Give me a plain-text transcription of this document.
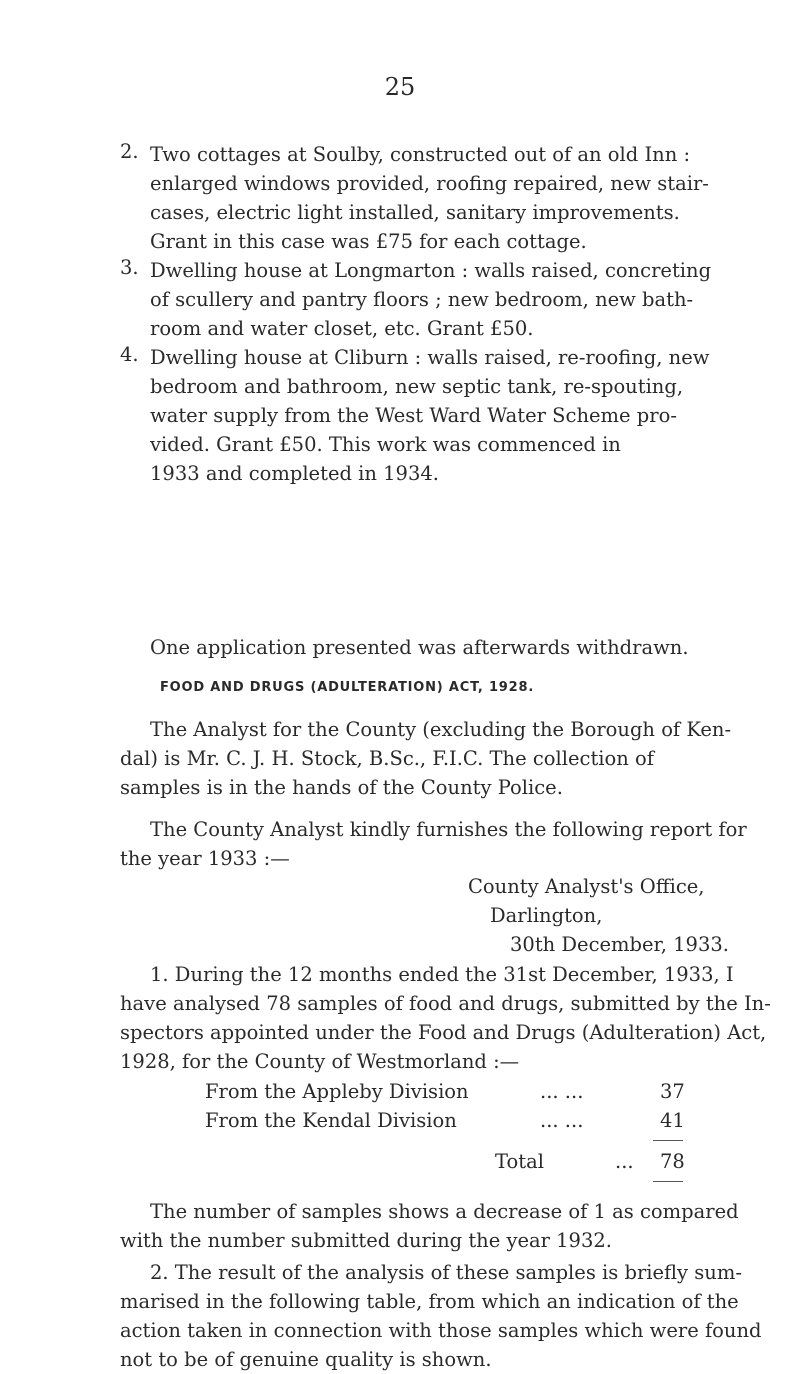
25
2. Two cottages at Soulby, constructed out of an old Inn :
enlarged windows provided, roofing repaired, new stair-
cases, electric light installed, sanitary improvements.
Grant in this case was £75 for each cottage.
3. Dwelling house at Longmarton : walls raised, concreting
of scullery and pantry floors ; new bedroom, new bath-
room and water closet, etc. Grant £50.
4. Dwelling house at Cliburn : walls raised, re-roofing, new
bedroom and bathroom, new septic tank, re-spouting,
water supply from the West Ward Water Scheme pro-
vided. Grant £50. This work was commenced in
1933 and completed in 1934.
One application presented was afterwards withdrawn.
FOOD AND DRUGS (ADULTERATION) ACT, 1928.
The Analyst for the County (excluding the Borough of Ken-
dal) is Mr. C. J. H. Stock, B.Sc., F.I.C. The collection of
samples is in the hands of the County Police.
The County Analyst kindly furnishes the following report for
the year 1933 :—
County Analyst's Office,
Darlington,
30th December, 1933.
1. During the 12 months ended the 31st December, 1933, I
have analysed 78 samples of food and drugs, submitted by the In-
spectors appointed under the Food and Drugs (Adulteration) Act,
1928, for the County of Westmorland :—
From the Appleby Division	... ...	37
From the Kendal Division	... ...	41
Total	... 78
The number of samples shows a decrease of 1 as compared
with the number submitted during the year 1932.
2. The result of the analysis of these samples is briefly sum-
marised in the following table, from which an indication of the
action taken in connection with those samples which were found
not to be of genuine quality is shown.
